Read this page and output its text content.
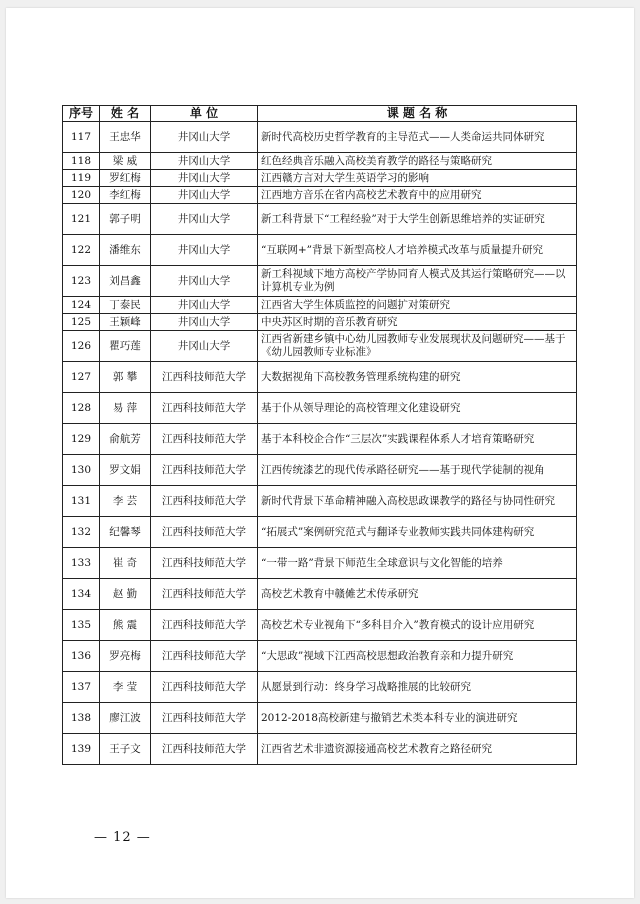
— 12 —
序号	姓 名	单 位	课 题 名 称
117	王忠华	井冈山大学	新时代高校历史哲学教育的主导范式——人类命运共同体研究
118	梁 威	井冈山大学	红色经典音乐融入高校美育教学的路径与策略研究
119	罗红梅	井冈山大学	江西赣方言对大学生英语学习的影响
120	李红梅	井冈山大学	江西地方音乐在省内高校艺术教育中的应用研究
121	郭子明	井冈山大学	新工科背景下“工程经验”对于大学生创新思维培养的实证研究
122	潘维东	井冈山大学	“互联网+”背景下新型高校人才培养模式改革与质量提升研究
123	刘昌鑫	井冈山大学	新工科视域下地方高校产学协同育人模式及其运行策略研究——以计算机专业为例
124	丁泰民	井冈山大学	江西省大学生体质监控的问题扩对策研究
125	王颖峰	井冈山大学	中央苏区时期的音乐教育研究
126	瞿巧莲	井冈山大学	江西省新建乡镇中心幼儿园教师专业发展现状及问题研究——基于《幼儿园教师专业标准》
127	郭 攀	江西科技师范大学	大数据视角下高校教务管理系统构建的研究
128	易 萍	江西科技师范大学	基于仆从领导理论的高校管理文化建设研究
129	俞航芳	江西科技师范大学	基于本科校企合作“三层次”实践课程体系人才培育策略研究
130	罗文娟	江西科技师范大学	江西传统漆艺的现代传承路径研究——基于现代学徒制的视角
131	李 芸	江西科技师范大学	新时代背景下革命精神融入高校思政课教学的路径与协同性研究
132	纪馨琴	江西科技师范大学	“拓展式”案例研究范式与翻译专业教师实践共同体建构研究
133	崔 奇	江西科技师范大学	“一带一路”背景下师范生全球意识与文化智能的培养
134	赵 勤	江西科技师范大学	高校艺术教育中赣傩艺术传承研究
135	熊 震	江西科技师范大学	高校艺术专业视角下“多科目介入”教育模式的设计应用研究
136	罗亮梅	江西科技师范大学	“大思政”视域下江西高校思想政治教育亲和力提升研究
137	李 莹	江西科技师范大学	从愿景到行动：终身学习战略推展的比较研究
138	廖江波	江西科技师范大学	2012-2018高校新建与撤销艺术类本科专业的演进研究
139	王子文	江西科技师范大学	江西省艺术非遗资源接通高校艺术教育之路径研究
